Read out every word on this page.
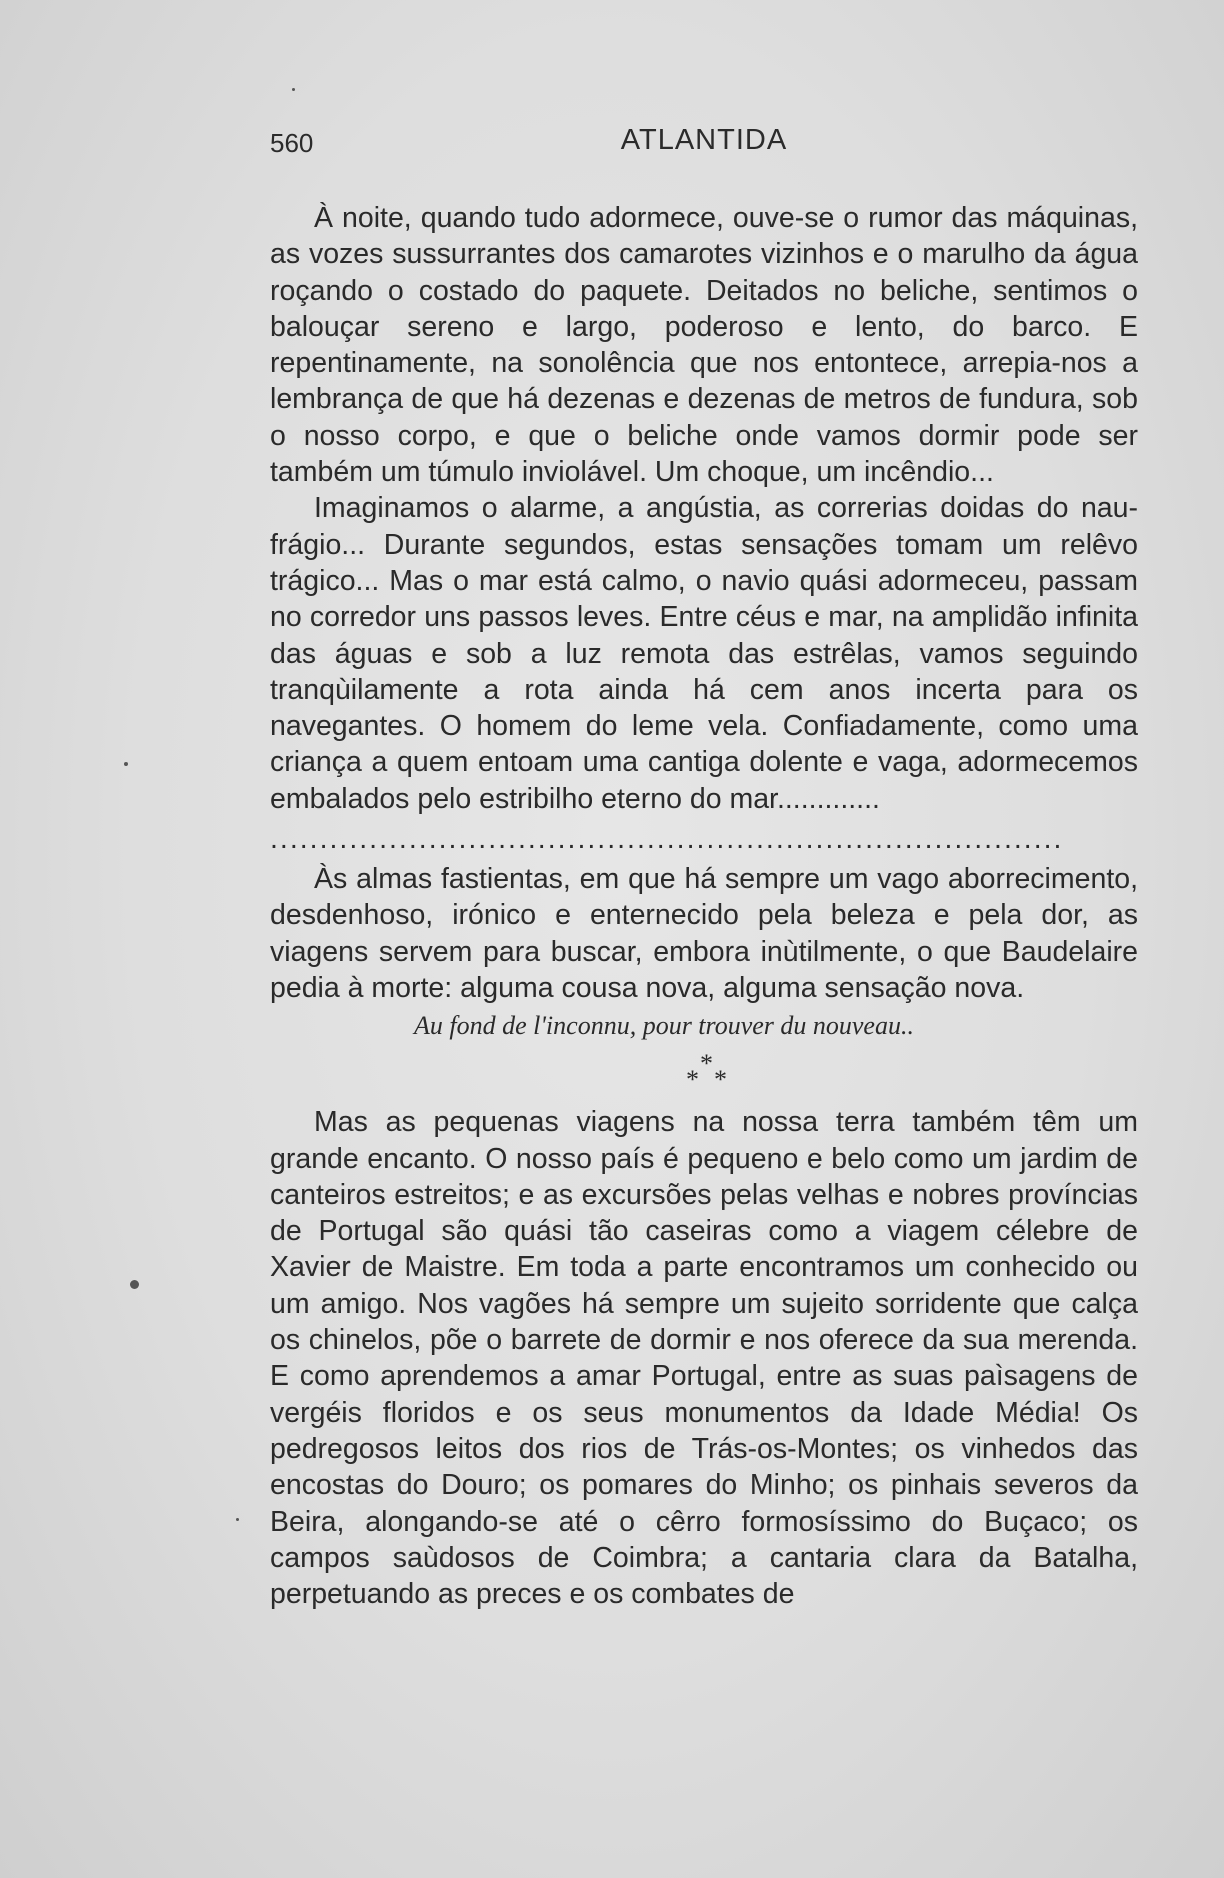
560	ATLANTIDA

À noite, quando tudo adormece, ouve-se o rumor das máquinas, as vozes sussurrantes dos camarotes vizinhos e o marulho da água roçando o costado do paquete. Deitados no beliche, sentimos o balouçar sereno e largo, poderoso e lento, do barco. E repentinamente, na sonolência que nos entontece, arrepia-nos a lembrança de que há dezenas e dezenas de metros de fundura, sob o nosso corpo, e que o beliche onde vamos dormir pode ser também um túmulo inviolável. Um choque, um incêndio...

Imaginamos o alarme, a angústia, as correrias doidas do naufrágio... Durante segundos, estas sensações tomam um relêvo trágico... Mas o mar está calmo, o navio quási adormeceu, passam no corredor uns passos leves. Entre céus e mar, na amplidão infinita das águas e sob a luz remota das estrêlas, vamos seguindo tranqùilamente a rota ainda há cem anos incerta para os navegantes. O homem do leme vela. Confiadamente, como uma criança a quem entoam uma cantiga dolente e vaga, adormecemos embalados pelo estribilho eterno do mar.............

................................................................................

Às almas fastientas, em que há sempre um vago aborrecimento, desdenhoso, irónico e enternecido pela beleza e pela dor, as viagens servem para buscar, embora inùtilmente, o que Baudelaire pedia à morte: alguma cousa nova, alguma sensação nova.

Au fond de l'inconnu, pour trouver du nouveau..

*
* *

Mas as pequenas viagens na nossa terra também têm um grande encanto. O nosso país é pequeno e belo como um jardim de canteiros estreitos; e as excursões pelas velhas e nobres províncias de Portugal são quási tão caseiras como a viagem célebre de Xavier de Maistre. Em toda a parte encontramos um conhecido ou um amigo. Nos vagões há sempre um sujeito sorridente que calça os chinelos, põe o barrete de dormir e nos oferece da sua merenda. E como aprendemos a amar Portugal, entre as suas paìsagens de vergéis floridos e os seus monumentos da Idade Média! Os pedregosos leitos dos rios de Trás-os-Montes; os vinhedos das encostas do Douro; os pomares do Minho; os pinhais severos da Beira, alongando-se até o cêrro formosíssimo do Buçaco; os campos saùdosos de Coimbra; a cantaria clara da Batalha, perpetuando as preces e os combates de
